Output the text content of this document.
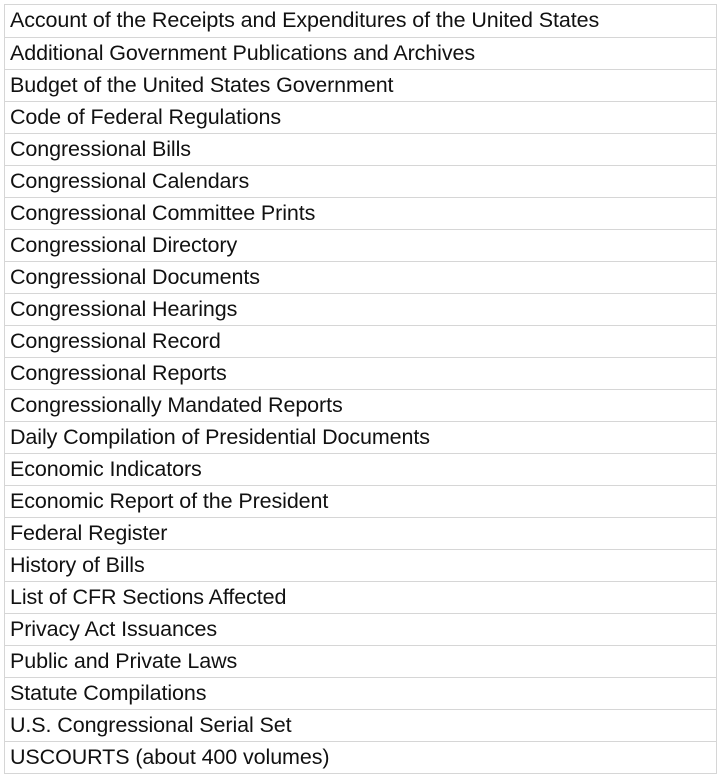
Account of the Receipts and Expenditures of the United States
Additional Government Publications and Archives
Budget of the United States Government
Code of Federal Regulations
Congressional Bills
Congressional Calendars
Congressional Committee Prints
Congressional Directory
Congressional Documents
Congressional Hearings
Congressional Record
Congressional Reports
Congressionally Mandated Reports
Daily Compilation of Presidential Documents
Economic Indicators
Economic Report of the President
Federal Register
History of Bills
List of CFR Sections Affected
Privacy Act Issuances
Public and Private Laws
Statute Compilations
U.S. Congressional Serial Set
USCOURTS (about 400 volumes)
